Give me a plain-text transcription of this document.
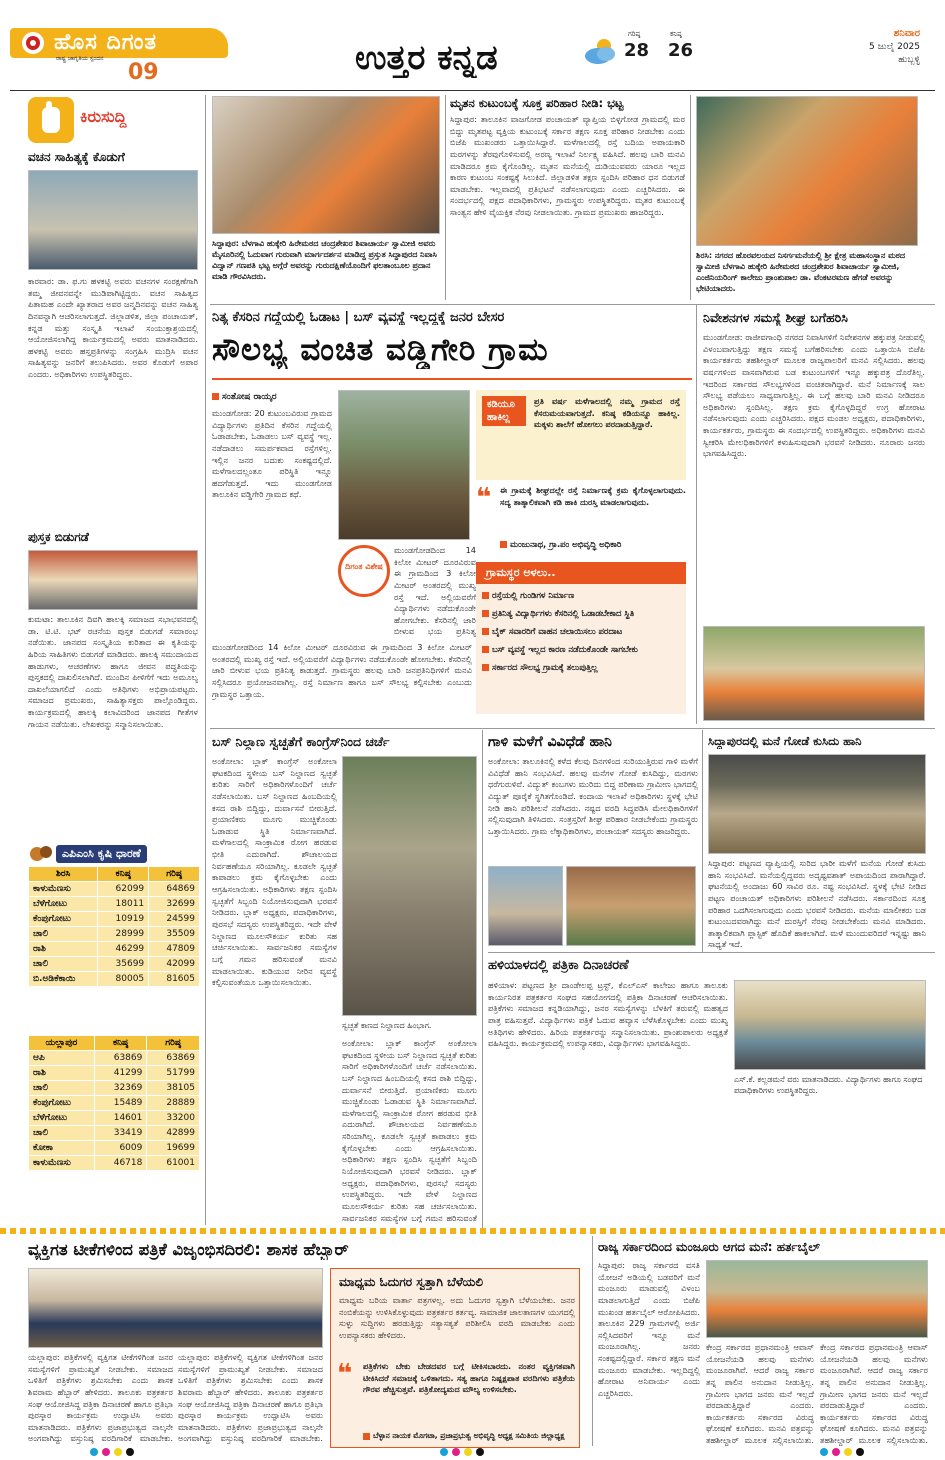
ಹೊಸ ದಿಗಂತ
ರಾಷ್ಟ್ರ ಜಾಗೃತಿಯ ಸ್ಪಂದನ
09	ಉತ್ತರ ಕನ್ನಡ
ಗರಿಷ್ಠ
28
ಕನಿಷ್ಠ
26
ಶನಿವಾರ
5 ಜುಲೈ 2025
ಹುಬ್ಬಳ್ಳಿ
ಕಿರುಸುದ್ದಿ
ವಚನ ಸಾಹಿತ್ಯಕ್ಕೆ ಕೊಡುಗೆ
ಕಾರವಾರ: ಡಾ. ಫ.ಗು ಹಳಕಟ್ಟಿ ಅವರು ವಚನಗಳ ಸಂರಕ್ಷಣೆಗಾಗಿ ತಮ್ಮ ಜೀವನವನ್ನೇ ಮುಡಿಪಾಗಿಟ್ಟಿದ್ದರು. ವಚನ ಸಾಹಿತ್ಯದ ಪಿತಾಮಹ ಎಂದೇ ಖ್ಯಾತರಾದ ಅವರ ಜನ್ಮದಿನವನ್ನು ವಚನ ಸಾಹಿತ್ಯ ದಿನವನ್ನಾಗಿ ಆಚರಿಸಲಾಗುತ್ತದೆ. ಜಿಲ್ಲಾಡಳಿತ, ಜಿಲ್ಲಾ ಪಂಚಾಯತ್, ಕನ್ನಡ ಮತ್ತು ಸಂಸ್ಕೃತಿ ಇಲಾಖೆ ಸಂಯುಕ್ತಾಶ್ರಯದಲ್ಲಿ ಆಯೋಜಿಸಲಾಗಿದ್ದ ಕಾರ್ಯಕ್ರಮದಲ್ಲಿ ಅವರು ಮಾತನಾಡಿದರು. ಹಳಕಟ್ಟಿ ಅವರು ಹಸ್ತಪ್ರತಿಗಳನ್ನು ಸಂಗ್ರಹಿಸಿ ಮುದ್ರಿಸಿ ವಚನ ಸಾಹಿತ್ಯವನ್ನು ಜನರಿಗೆ ತಲುಪಿಸಿದರು. ಅವರ ಕೊಡುಗೆ ಅಪಾರ ಎಂದರು. ಅಧಿಕಾರಿಗಳು ಉಪಸ್ಥಿತರಿದ್ದರು.
ಪುಸ್ತಕ ಬಿಡುಗಡೆ
ಕುಮಟಾ: ತಾಲೂಕಿನ ದಿವಗಿ ಹಾಲಕ್ಕಿ ಸಮಾಜದ ಸಭಾಭವನದಲ್ಲಿ ಡಾ. ಟಿ.ಟಿ. ಭಟ್ ರಚನೆಯ ಪುಸ್ತಕ ಬಿಡುಗಡೆ ಸಮಾರಂಭ ನಡೆಯಿತು. ಜಾನಪದ ಸಂಸ್ಕೃತಿಯ ಕುರಿತಾದ ಈ ಕೃತಿಯನ್ನು ಹಿರಿಯ ಸಾಹಿತಿಗಳು ಬಿಡುಗಡೆ ಮಾಡಿದರು. ಹಾಲಕ್ಕಿ ಸಮುದಾಯದ ಹಾಡುಗಳು, ಆಚರಣೆಗಳು ಹಾಗೂ ಜೀವನ ಪದ್ಧತಿಯನ್ನು ಪುಸ್ತಕದಲ್ಲಿ ದಾಖಲಿಸಲಾಗಿದೆ. ಮುಂದಿನ ಪೀಳಿಗೆಗೆ ಇದು ಅಮೂಲ್ಯ ದಾಖಲೆಯಾಗಲಿದೆ ಎಂದು ಅತಿಥಿಗಳು ಅಭಿಪ್ರಾಯಪಟ್ಟರು. ಸಮಾಜದ ಪ್ರಮುಖರು, ಸಾಹಿತ್ಯಾಸಕ್ತರು ಪಾಲ್ಗೊಂಡಿದ್ದರು. ಕಾರ್ಯಕ್ರಮದಲ್ಲಿ ಹಾಲಕ್ಕಿ ಕಲಾವಿದರಿಂದ ಜಾನಪದ ಗೀತೆಗಳ ಗಾಯನ ನಡೆಯಿತು. ಲೇಖಕರನ್ನು ಸನ್ಮಾನಿಸಲಾಯಿತು.
ಎಪಿಎಂಸಿ ಕೃಷಿ ಧಾರಣೆ
ಶಿರಸಿ	ಕನಿಷ್ಠ	ಗರಿಷ್ಠ
ಕಾಳುಮೆಣಸು	62099	64869
ಬೆಳೆಗೋಟು	18011	32699
ಕೆಂಪುಗೋಟು	10919	24599
ಚಾಲಿ	28999	35509
ರಾಶಿ	46299	47809
ಚಾಲಿ	35699	42099
ಬಿ.ಅಡಿಕೆಕಾಯಿ	80005	81605
ಯಲ್ಲಾಪುರ	ಕನಿಷ್ಠ	ಗರಿಷ್ಠ
ಆಪಿ	63869	63869
ರಾಶಿ	41299	51799
ಚಾಲಿ	32369	38105
ಕೆಂಪುಗೋಟು	15489	28889
ಬೆಳೆಗೋಟು	14601	33200
ಚಾಲಿ	33419	42899
ಕೋಕಾ	6009	19699
ಕಾಳುಮೆಣಸು	46718	61001
ಸಿದ್ದಾಪುರ: ಬೆಳಗಾವಿ ಹುಕ್ಕೇರಿ ಹಿರೇಮಠದ ಚಂದ್ರಶೇಖರ ಶಿವಾಚಾರ್ಯ ಸ್ವಾಮೀಜಿ ಅವರು ಮೈಸೂರಿನಲ್ಲಿ ಓದುವಾಗ ಗುರುವಾಗಿ ಮಾರ್ಗದರ್ಶನ ಮಾಡಿದ್ದ ಪ್ರಸ್ತುತ ಸಿದ್ದಾಪುರದ ನಿವಾಸಿ ವಿದ್ವಾನ್ ಗಣಪತಿ ಭಟ್ಟ ಅಗ್ಗೆರೆ ಅವರನ್ನು ಗುರುದಕ್ಷಿಣೆಯೊಂದಿಗೆ ಫಲತಾಂಬೂಲ ಪ್ರದಾನ ಮಾಡಿ ಗೌರವಿಸಿದರು.
ಮೃತನ ಕುಟುಂಬಕ್ಕೆ ಸೂಕ್ತ ಪರಿಹಾರ ನೀಡಿ: ಭಟ್ಟ
ಸಿದ್ದಾಪುರ: ತಾಲೂಕಿನ ವಾಜಗೋಡ ಪಂಚಾಯತ್ ವ್ಯಾಪ್ತಿಯ ಬಿಳ್ಳಗೋಡ ಗ್ರಾಮದಲ್ಲಿ ಮರ ಬಿದ್ದು ಮೃತಪಟ್ಟ ವ್ಯಕ್ತಿಯ ಕುಟುಂಬಕ್ಕೆ ಸರ್ಕಾರ ತಕ್ಷಣ ಸೂಕ್ತ ಪರಿಹಾರ ನೀಡಬೇಕು ಎಂದು ಬಿಜೆಪಿ ಮುಖಂಡರು ಒತ್ತಾಯಿಸಿದ್ದಾರೆ. ಮಳೆಗಾಲದಲ್ಲಿ ರಸ್ತೆ ಬದಿಯ ಅಪಾಯಕಾರಿ ಮರಗಳನ್ನು ತೆರವುಗೊಳಿಸುವಲ್ಲಿ ಅರಣ್ಯ ಇಲಾಖೆ ನಿರ್ಲಕ್ಷ್ಯ ವಹಿಸಿದೆ. ಹಲವು ಬಾರಿ ಮನವಿ ಮಾಡಿದರೂ ಕ್ರಮ ಕೈಗೊಂಡಿಲ್ಲ. ಮೃತನ ಮನೆಯಲ್ಲಿ ದುಡಿಯುವವರು ಯಾರೂ ಇಲ್ಲದ ಕಾರಣ ಕುಟುಂಬ ಸಂಕಷ್ಟಕ್ಕೆ ಸಿಲುಕಿದೆ. ಜಿಲ್ಲಾಡಳಿತ ತಕ್ಷಣ ಸ್ಪಂದಿಸಿ ಪರಿಹಾರ ಧನ ಬಿಡುಗಡೆ ಮಾಡಬೇಕು. ಇಲ್ಲವಾದಲ್ಲಿ ಪ್ರತಿಭಟನೆ ನಡೆಸಲಾಗುವುದು ಎಂದು ಎಚ್ಚರಿಸಿದರು. ಈ ಸಂದರ್ಭದಲ್ಲಿ ಪಕ್ಷದ ಪದಾಧಿಕಾರಿಗಳು, ಗ್ರಾಮಸ್ಥರು ಉಪಸ್ಥಿತರಿದ್ದರು. ಮೃತರ ಕುಟುಂಬಕ್ಕೆ ಸಾಂತ್ವನ ಹೇಳಿ ವೈಯಕ್ತಿಕ ನೆರವು ನೀಡಲಾಯಿತು. ಗ್ರಾಮದ ಪ್ರಮುಖರು ಹಾಜರಿದ್ದರು.
ಶಿರಸಿ: ನಗರದ ಹೊರವಲಯದ ನಿಸರ್ಗಮನೆಯಲ್ಲಿ ಶ್ರೀ ಕ್ಷೇತ್ರ ಮಹಾಸಂಸ್ಥಾನ ಮಠದ ಸ್ವಾಮೀಜಿ ಬೆಳಗಾವಿ ಹುಕ್ಕೇರಿ ಹಿರೇಮಠದ ಚಂದ್ರಶೇಖರ ಶಿವಾಚಾರ್ಯ ಸ್ವಾಮೀಜಿ, ಎಂಜಿನಿಯರಿಂಗ್ ಕಾಲೇಜು ಪ್ರಾಂಶುಪಾಲ ಡಾ. ವೆಂಕಟರಮಣ ಹೆಗಡೆ ಅವರನ್ನು ಭೇಟಿಯಾದರು.
ನಿತ್ಯ ಕೆಸರಿನ ಗದ್ದೆಯಲ್ಲಿ ಓಡಾಟ | ಬಸ್ ವ್ಯವಸ್ಥೆ ಇಲ್ಲದ್ದಕ್ಕೆ ಜನರ ಬೇಸರ
ಸೌಲಭ್ಯ ವಂಚಿತ ವಡ್ಡಿಗೇರಿ ಗ್ರಾಮ
ಸಂತೋಷ ರಾಯ್ಕರ
ಮುಂಡಗೋಡ: 20 ಕುಟುಂಬವಿರುವ ಗ್ರಾಮದ ವಿದ್ಯಾರ್ಥಿಗಳು ಪ್ರತಿದಿನ ಕೆಸರಿನ ಗದ್ದೆಯಲ್ಲಿ ಓಡಾಡಬೇಕು, ಓಡಾಡಲು ಬಸ್ ವ್ಯವಸ್ಥೆ ಇಲ್ಲ. ನಡೆದಾಡಲು ಸಮರ್ಪಕವಾದ ರಸ್ತೆಗಳಿಲ್ಲ. ಇಲ್ಲಿನ ಜನರ ಬದುಕು ಸಂಕಷ್ಟದಲ್ಲಿದೆ. ಮಳೆಗಾಲದಲ್ಲಂತೂ ಪರಿಸ್ಥಿತಿ ಇನ್ನೂ ಹದಗೆಡುತ್ತದೆ. ಇದು ಮುಂಡಗೋಡ ತಾಲೂಕಿನ ವಡ್ಡಿಗೇರಿ ಗ್ರಾಮದ ಕಥೆ.
ಕಡಿಯೂ ಹಾಕಿಲ್ಲ
ಪ್ರತಿ ವರ್ಷ ಮಳೆಗಾಲದಲ್ಲಿ ನಮ್ಮ ಗ್ರಾಮದ ರಸ್ತೆ ಕೆಸರುಮಯವಾಗುತ್ತದೆ. ಕನಿಷ್ಠ ಕಡಿಯನ್ನೂ ಹಾಕಿಲ್ಲ. ಮಕ್ಕಳು ಶಾಲೆಗೆ ಹೋಗಲು ಪರದಾಡುತ್ತಿದ್ದಾರೆ.
❝ ಈ ಗ್ರಾಮಕ್ಕೆ ಶೀಘ್ರದಲ್ಲೇ ರಸ್ತೆ ನಿರ್ಮಾಣಕ್ಕೆ ಕ್ರಮ ಕೈಗೊಳ್ಳಲಾಗುವುದು. ಸದ್ಯ ತಾತ್ಕಾಲಿಕವಾಗಿ ಕಡಿ ಹಾಕಿ ದುರಸ್ತಿ ಮಾಡಲಾಗುವುದು.
ಮಂಜುನಾಥ, ಗ್ರಾ.ಪಂ ಅಭಿವೃದ್ಧಿ ಅಧಿಕಾರಿ
ದಿಗಂತ ವಿಶೇಷ
ಮುಂಡಗೋಡದಿಂದ 14 ಕಿಲೋ ಮೀಟರ್ ದೂರವಿರುವ ಈ ಗ್ರಾಮದಿಂದ 3 ಕಿಲೋ ಮೀಟರ್ ಅಂತರದಲ್ಲಿ ಮುಖ್ಯ ರಸ್ತೆ ಇದೆ. ಅಲ್ಲಿಯವರೆಗೆ ವಿದ್ಯಾರ್ಥಿಗಳು ನಡೆದುಕೊಂಡೇ ಹೋಗಬೇಕು. ಕೆಸರಿನಲ್ಲಿ ಜಾರಿ ಬೀಳುವ ಭಯ ಪ್ರತಿನಿತ್ಯ
ಗ್ರಾಮಸ್ಥರ ಅಳಲು..
ರಸ್ತೆಯಲ್ಲಿ ಗುಂಡಿಗಳ ನಿರ್ಮಾಣ
ಪ್ರತಿನಿತ್ಯ ವಿದ್ಯಾರ್ಥಿಗಳು ಕೆಸರಿನಲ್ಲಿ ಓಡಾಡಬೇಕಾದ ಸ್ಥಿತಿ
ಬೈಕ್ ಸವಾರರಿಗೆ ವಾಹನ ಚಲಾಯಿಸಲು ಪರದಾಟ
ಬಸ್ ವ್ಯವಸ್ಥೆ ಇಲ್ಲದ ಕಾರಣ ನಡೆದುಕೊಂಡೇ ಸಾಗಬೇಕು
ಸರ್ಕಾರದ ಸೌಲಭ್ಯ ಗ್ರಾಮಕ್ಕೆ ತಲುಪುತ್ತಿಲ್ಲ
ಮುಂಡಗೋಡದಿಂದ 14 ಕಿಲೋ ಮೀಟರ್ ದೂರವಿರುವ ಈ ಗ್ರಾಮದಿಂದ 3 ಕಿಲೋ ಮೀಟರ್ ಅಂತರದಲ್ಲಿ ಮುಖ್ಯ ರಸ್ತೆ ಇದೆ. ಅಲ್ಲಿಯವರೆಗೆ ವಿದ್ಯಾರ್ಥಿಗಳು ನಡೆದುಕೊಂಡೇ ಹೋಗಬೇಕು. ಕೆಸರಿನಲ್ಲಿ ಜಾರಿ ಬೀಳುವ ಭಯ ಪ್ರತಿನಿತ್ಯ ಕಾಡುತ್ತದೆ. ಗ್ರಾಮಸ್ಥರು ಹಲವು ಬಾರಿ ಜನಪ್ರತಿನಿಧಿಗಳಿಗೆ ಮನವಿ ಸಲ್ಲಿಸಿದರೂ ಪ್ರಯೋಜನವಾಗಿಲ್ಲ. ರಸ್ತೆ ನಿರ್ಮಾಣ ಹಾಗೂ ಬಸ್ ಸೌಲಭ್ಯ ಕಲ್ಪಿಸಬೇಕು ಎಂಬುದು ಗ್ರಾಮಸ್ಥರ ಒತ್ತಾಯ.
ನಿವೇಶನಗಳ ಸಮಸ್ಯೆ ಶೀಘ್ರ ಬಗೆಹರಿಸಿ
ಮುಂಡಗೋಡ: ರಾಜೀವಗಾಂಧಿ ನಗರದ ನಿವಾಸಿಗಳಿಗೆ ನಿವೇಶನಗಳ ಹಕ್ಕುಪತ್ರ ನೀಡುವಲ್ಲಿ ವಿಳಂಬವಾಗುತ್ತಿದ್ದು ತಕ್ಷಣ ಸಮಸ್ಯೆ ಬಗೆಹರಿಸಬೇಕು ಎಂದು ಒತ್ತಾಯಿಸಿ ಬಿಜೆಪಿ ಕಾರ್ಯಕರ್ತರು ತಹಶೀಲ್ದಾರ್ ಮೂಲಕ ರಾಜ್ಯಪಾಲರಿಗೆ ಮನವಿ ಸಲ್ಲಿಸಿದರು. ಹಲವು ವರ್ಷಗಳಿಂದ ವಾಸವಾಗಿರುವ ಬಡ ಕುಟುಂಬಗಳಿಗೆ ಇನ್ನೂ ಹಕ್ಕುಪತ್ರ ದೊರೆತಿಲ್ಲ. ಇದರಿಂದ ಸರ್ಕಾರದ ಸೌಲಭ್ಯಗಳಿಂದ ವಂಚಿತರಾಗಿದ್ದಾರೆ. ಮನೆ ನಿರ್ಮಾಣಕ್ಕೆ ಸಾಲ ಸೌಲಭ್ಯ ಪಡೆಯಲು ಸಾಧ್ಯವಾಗುತ್ತಿಲ್ಲ. ಈ ಬಗ್ಗೆ ಹಲವು ಬಾರಿ ಮನವಿ ನೀಡಿದರೂ ಅಧಿಕಾರಿಗಳು ಸ್ಪಂದಿಸಿಲ್ಲ. ತಕ್ಷಣ ಕ್ರಮ ಕೈಗೊಳ್ಳದಿದ್ದರೆ ಉಗ್ರ ಹೋರಾಟ ನಡೆಸಲಾಗುವುದು ಎಂದು ಎಚ್ಚರಿಸಿದರು. ಪಕ್ಷದ ಮಂಡಲ ಅಧ್ಯಕ್ಷರು, ಪದಾಧಿಕಾರಿಗಳು, ಕಾರ್ಯಕರ್ತರು, ಗ್ರಾಮಸ್ಥರು ಈ ಸಂದರ್ಭದಲ್ಲಿ ಉಪಸ್ಥಿತರಿದ್ದರು. ಅಧಿಕಾರಿಗಳು ಮನವಿ ಸ್ವೀಕರಿಸಿ ಮೇಲಧಿಕಾರಿಗಳಿಗೆ ಕಳುಹಿಸುವುದಾಗಿ ಭರವಸೆ ನೀಡಿದರು. ನೂರಾರು ಜನರು ಭಾಗವಹಿಸಿದ್ದರು.
ಬಸ್ ನಿಲ್ದಾಣ ಸ್ವಚ್ಛತೆಗೆ ಕಾಂಗ್ರೆಸ್‌ನಿಂದ ಚರ್ಚೆ
ಅಂಕೋಲಾ: ಬ್ಲಾಕ್ ಕಾಂಗ್ರೆಸ್ ಅಂಕೋಲಾ ಘಟಕದಿಂದ ಸ್ಥಳೀಯ ಬಸ್ ನಿಲ್ದಾಣದ ಸ್ವಚ್ಛತೆ ಕುರಿತು ಸಾರಿಗೆ ಅಧಿಕಾರಿಗಳೊಂದಿಗೆ ಚರ್ಚೆ ನಡೆಸಲಾಯಿತು. ಬಸ್ ನಿಲ್ದಾಣದ ಹಿಂಬದಿಯಲ್ಲಿ ಕಸದ ರಾಶಿ ಬಿದ್ದಿದ್ದು, ದುರ್ವಾಸನೆ ಬೀರುತ್ತಿದೆ. ಪ್ರಯಾಣಿಕರು ಮೂಗು ಮುಚ್ಚಿಕೊಂಡು ಓಡಾಡುವ ಸ್ಥಿತಿ ನಿರ್ಮಾಣವಾಗಿದೆ. ಮಳೆಗಾಲದಲ್ಲಿ ಸಾಂಕ್ರಾಮಿಕ ರೋಗ ಹರಡುವ ಭೀತಿ ಎದುರಾಗಿದೆ. ಶೌಚಾಲಯದ ನಿರ್ವಹಣೆಯೂ ಸರಿಯಾಗಿಲ್ಲ. ಕೂಡಲೇ ಸ್ವಚ್ಛತೆ ಕಾಪಾಡಲು ಕ್ರಮ ಕೈಗೊಳ್ಳಬೇಕು ಎಂದು ಆಗ್ರಹಿಸಲಾಯಿತು. ಅಧಿಕಾರಿಗಳು ತಕ್ಷಣ ಸ್ಪಂದಿಸಿ ಸ್ವಚ್ಛತೆಗೆ ಸಿಬ್ಬಂದಿ ನಿಯೋಜಿಸುವುದಾಗಿ ಭರವಸೆ ನೀಡಿದರು. ಬ್ಲಾಕ್ ಅಧ್ಯಕ್ಷರು, ಪದಾಧಿಕಾರಿಗಳು, ಪುರಸಭೆ ಸದಸ್ಯರು ಉಪಸ್ಥಿತರಿದ್ದರು. ಇದೇ ವೇಳೆ ನಿಲ್ದಾಣದ ಮೂಲಸೌಕರ್ಯ ಕುರಿತು ಸಹ ಚರ್ಚಿಸಲಾಯಿತು. ಸಾರ್ವಜನಿಕರ ಸಮಸ್ಯೆಗಳ ಬಗ್ಗೆ ಗಮನ ಹರಿಸುವಂತೆ ಮನವಿ ಮಾಡಲಾಯಿತು. ಕುಡಿಯುವ ನೀರಿನ ವ್ಯವಸ್ಥೆ ಕಲ್ಪಿಸುವಂತೆಯೂ ಒತ್ತಾಯಿಸಲಾಯಿತು.
ಸ್ವಚ್ಛತೆ ಕಾಣದ ನಿಲ್ದಾಣದ ಹಿಂಭಾಗ.
ಅಂಕೋಲಾ: ಬ್ಲಾಕ್ ಕಾಂಗ್ರೆಸ್ ಅಂಕೋಲಾ ಘಟಕದಿಂದ ಸ್ಥಳೀಯ ಬಸ್ ನಿಲ್ದಾಣದ ಸ್ವಚ್ಛತೆ ಕುರಿತು ಸಾರಿಗೆ ಅಧಿಕಾರಿಗಳೊಂದಿಗೆ ಚರ್ಚೆ ನಡೆಸಲಾಯಿತು. ಬಸ್ ನಿಲ್ದಾಣದ ಹಿಂಬದಿಯಲ್ಲಿ ಕಸದ ರಾಶಿ ಬಿದ್ದಿದ್ದು, ದುರ್ವಾಸನೆ ಬೀರುತ್ತಿದೆ. ಪ್ರಯಾಣಿಕರು ಮೂಗು ಮುಚ್ಚಿಕೊಂಡು ಓಡಾಡುವ ಸ್ಥಿತಿ ನಿರ್ಮಾಣವಾಗಿದೆ. ಮಳೆಗಾಲದಲ್ಲಿ ಸಾಂಕ್ರಾಮಿಕ ರೋಗ ಹರಡುವ ಭೀತಿ ಎದುರಾಗಿದೆ. ಶೌಚಾಲಯದ ನಿರ್ವಹಣೆಯೂ ಸರಿಯಾಗಿಲ್ಲ. ಕೂಡಲೇ ಸ್ವಚ್ಛತೆ ಕಾಪಾಡಲು ಕ್ರಮ ಕೈಗೊಳ್ಳಬೇಕು ಎಂದು ಆಗ್ರಹಿಸಲಾಯಿತು. ಅಧಿಕಾರಿಗಳು ತಕ್ಷಣ ಸ್ಪಂದಿಸಿ ಸ್ವಚ್ಛತೆಗೆ ಸಿಬ್ಬಂದಿ ನಿಯೋಜಿಸುವುದಾಗಿ ಭರವಸೆ ನೀಡಿದರು. ಬ್ಲಾಕ್ ಅಧ್ಯಕ್ಷರು, ಪದಾಧಿಕಾರಿಗಳು, ಪುರಸಭೆ ಸದಸ್ಯರು ಉಪಸ್ಥಿತರಿದ್ದರು. ಇದೇ ವೇಳೆ ನಿಲ್ದಾಣದ ಮೂಲಸೌಕರ್ಯ ಕುರಿತು ಸಹ ಚರ್ಚಿಸಲಾಯಿತು. ಸಾರ್ವಜನಿಕರ ಸಮಸ್ಯೆಗಳ ಬಗ್ಗೆ ಗಮನ ಹರಿಸುವಂತೆ
ಗಾಳಿ ಮಳೆಗೆ ವಿವಿಧೆಡೆ ಹಾನಿ
ಅಂಕೋಲಾ: ತಾಲೂಕಿನಲ್ಲಿ ಕಳೆದ ಕೆಲವು ದಿನಗಳಿಂದ ಸುರಿಯುತ್ತಿರುವ ಗಾಳಿ ಮಳೆಗೆ ವಿವಿಧೆಡೆ ಹಾನಿ ಸಂಭವಿಸಿದೆ. ಹಲವು ಮನೆಗಳ ಗೋಡೆ ಕುಸಿದಿದ್ದು, ಮರಗಳು ಧರೆಗುರುಳಿವೆ. ವಿದ್ಯುತ್ ಕಂಬಗಳು ಮುರಿದು ಬಿದ್ದ ಪರಿಣಾಮ ಗ್ರಾಮೀಣ ಭಾಗದಲ್ಲಿ ವಿದ್ಯುತ್ ಪೂರೈಕೆ ಸ್ಥಗಿತಗೊಂಡಿದೆ. ಕಂದಾಯ ಇಲಾಖೆ ಅಧಿಕಾರಿಗಳು ಸ್ಥಳಕ್ಕೆ ಭೇಟಿ ನೀಡಿ ಹಾನಿ ಪರಿಶೀಲನೆ ನಡೆಸಿದರು. ನಷ್ಟದ ವರದಿ ಸಿದ್ಧಪಡಿಸಿ ಮೇಲಧಿಕಾರಿಗಳಿಗೆ ಸಲ್ಲಿಸುವುದಾಗಿ ತಿಳಿಸಿದರು. ಸಂತ್ರಸ್ತರಿಗೆ ಶೀಘ್ರ ಪರಿಹಾರ ನೀಡಬೇಕೆಂದು ಗ್ರಾಮಸ್ಥರು ಒತ್ತಾಯಿಸಿದರು. ಗ್ರಾಮ ಲೆಕ್ಕಾಧಿಕಾರಿಗಳು, ಪಂಚಾಯತ್ ಸದಸ್ಯರು ಹಾಜರಿದ್ದರು.
ಸಿದ್ದಾಪುರದಲ್ಲಿ ಮನೆ ಗೋಡೆ ಕುಸಿದು ಹಾನಿ
ಸಿದ್ದಾಪುರ: ಪಟ್ಟಣದ ವ್ಯಾಪ್ತಿಯಲ್ಲಿ ಸುರಿದ ಭಾರೀ ಮಳೆಗೆ ಮನೆಯ ಗೋಡೆ ಕುಸಿದು ಹಾನಿ ಸಂಭವಿಸಿದೆ. ಮನೆಯಲ್ಲಿದ್ದವರು ಅದೃಷ್ಟವಶಾತ್ ಅಪಾಯದಿಂದ ಪಾರಾಗಿದ್ದಾರೆ. ಘಟನೆಯಲ್ಲಿ ಅಂದಾಜು 60 ಸಾವಿರ ರೂ. ನಷ್ಟ ಸಂಭವಿಸಿದೆ. ಸ್ಥಳಕ್ಕೆ ಭೇಟಿ ನೀಡಿದ ಪಟ್ಟಣ ಪಂಚಾಯತ್ ಅಧಿಕಾರಿಗಳು ಪರಿಶೀಲನೆ ನಡೆಸಿದರು. ಸರ್ಕಾರದಿಂದ ಸೂಕ್ತ ಪರಿಹಾರ ಒದಗಿಸಲಾಗುವುದು ಎಂದು ಭರವಸೆ ನೀಡಿದರು. ಮನೆಯ ಮಾಲೀಕರು ಬಡ ಕುಟುಂಬದವರಾಗಿದ್ದು ಮನೆ ದುರಸ್ತಿಗೆ ನೆರವು ನೀಡಬೇಕೆಂದು ಮನವಿ ಮಾಡಿದರು. ತಾತ್ಕಾಲಿಕವಾಗಿ ಪ್ಲಾಸ್ಟಿಕ್ ಹೊದಿಕೆ ಹಾಕಲಾಗಿದೆ. ಮಳೆ ಮುಂದುವರಿದರೆ ಇನ್ನಷ್ಟು ಹಾನಿ ಸಾಧ್ಯತೆ ಇದೆ.
ಹಳಿಯಾಳದಲ್ಲಿ ಪತ್ರಿಕಾ ದಿನಾಚರಣೆ
ಹಳಿಯಾಳ: ಪಟ್ಟಣದ ಶ್ರೀ ದಾಂಡೇಲಪ್ಪ ಟ್ರಸ್ಟ್, ಕೆಎಲ್‌ಎಸ್ ಕಾಲೇಜು ಹಾಗೂ ತಾಲೂಕು ಕಾರ್ಯನಿರತ ಪತ್ರಕರ್ತರ ಸಂಘದ ಸಹಯೋಗದಲ್ಲಿ ಪತ್ರಿಕಾ ದಿನಾಚರಣೆ ಆಚರಿಸಲಾಯಿತು. ಪತ್ರಿಕೆಗಳು ಸಮಾಜದ ಕನ್ನಡಿಯಾಗಿದ್ದು, ಜನರ ಸಮಸ್ಯೆಗಳನ್ನು ಬೆಳಕಿಗೆ ತರುವಲ್ಲಿ ಮಹತ್ವದ ಪಾತ್ರ ವಹಿಸುತ್ತವೆ. ವಿದ್ಯಾರ್ಥಿಗಳು ಪತ್ರಿಕೆ ಓದುವ ಹವ್ಯಾಸ ಬೆಳೆಸಿಕೊಳ್ಳಬೇಕು ಎಂದು ಮುಖ್ಯ ಅತಿಥಿಗಳು ಹೇಳಿದರು. ಹಿರಿಯ ಪತ್ರಕರ್ತರನ್ನು ಸನ್ಮಾನಿಸಲಾಯಿತು. ಪ್ರಾಂಶುಪಾಲರು ಅಧ್ಯಕ್ಷತೆ ವಹಿಸಿದ್ದರು. ಕಾರ್ಯಕ್ರಮದಲ್ಲಿ ಉಪನ್ಯಾಸಕರು, ವಿದ್ಯಾರ್ಥಿಗಳು ಭಾಗವಹಿಸಿದ್ದರು.
ಎಸ್.ಕೆ. ಕಲ್ಲಡಮನೆ ವರು ಮಾತನಾಡಿದರು. ವಿದ್ಯಾರ್ಥಿಗಳು ಹಾಗೂ ಸಂಘದ ಪದಾಧಿಕಾರಿಗಳು ಉಪಸ್ಥಿತರಿದ್ದರು.
ವ್ಯಕ್ತಿಗತ ಟೀಕೆಗಳಿಂದ ಪತ್ರಿಕೆ ವಿಜೃಂಭಿಸದಿರಲಿ: ಶಾಸಕ ಹೆಬ್ಬಾರ್
ಯಲ್ಲಾಪುರ: ಪತ್ರಿಕೆಗಳಲ್ಲಿ ವ್ಯಕ್ತಿಗತ ಟೀಕೆಗಳಿಗಿಂತ ಜನರ ಸಮಸ್ಯೆಗಳಿಗೆ ಪ್ರಾಮುಖ್ಯತೆ ನೀಡಬೇಕು. ಸಮಾಜದ ಒಳಿತಿಗೆ ಪತ್ರಿಕೆಗಳು ಶ್ರಮಿಸಬೇಕು ಎಂದು ಶಾಸಕ ಶಿವರಾಮ ಹೆಬ್ಬಾರ್ ಹೇಳಿದರು. ತಾಲೂಕು ಪತ್ರಕರ್ತರ ಸಂಘ ಆಯೋಜಿಸಿದ್ದ ಪತ್ರಿಕಾ ದಿನಾಚರಣೆ ಹಾಗೂ ಪ್ರತಿಭಾ ಪುರಸ್ಕಾರ ಕಾರ್ಯಕ್ರಮ ಉದ್ಘಾಟಿಸಿ ಅವರು ಮಾತನಾಡಿದರು. ಪತ್ರಿಕೆಗಳು ಪ್ರಜಾಪ್ರಭುತ್ವದ ನಾಲ್ಕನೇ ಅಂಗವಾಗಿದ್ದು ವಸ್ತುನಿಷ್ಠ ವರದಿಗಾರಿಕೆ ಮಾಡಬೇಕು.
ಯಲ್ಲಾಪುರ: ಪತ್ರಿಕೆಗಳಲ್ಲಿ ವ್ಯಕ್ತಿಗತ ಟೀಕೆಗಳಿಗಿಂತ ಜನರ ಸಮಸ್ಯೆಗಳಿಗೆ ಪ್ರಾಮುಖ್ಯತೆ ನೀಡಬೇಕು. ಸಮಾಜದ ಒಳಿತಿಗೆ ಪತ್ರಿಕೆಗಳು ಶ್ರಮಿಸಬೇಕು ಎಂದು ಶಾಸಕ ಶಿವರಾಮ ಹೆಬ್ಬಾರ್ ಹೇಳಿದರು. ತಾಲೂಕು ಪತ್ರಕರ್ತರ ಸಂಘ ಆಯೋಜಿಸಿದ್ದ ಪತ್ರಿಕಾ ದಿನಾಚರಣೆ ಹಾಗೂ ಪ್ರತಿಭಾ ಪುರಸ್ಕಾರ ಕಾರ್ಯಕ್ರಮ ಉದ್ಘಾಟಿಸಿ ಅವರು ಮಾತನಾಡಿದರು. ಪತ್ರಿಕೆಗಳು ಪ್ರಜಾಪ್ರಭುತ್ವದ ನಾಲ್ಕನೇ ಅಂಗವಾಗಿದ್ದು ವಸ್ತುನಿಷ್ಠ ವರದಿಗಾರಿಕೆ ಮಾಡಬೇಕು.
ಮಾಧ್ಯಮ ಓದುಗರ ಸ್ವತ್ತಾಗಿ ಬೆಳೆಯಲಿ
ಮಾಧ್ಯಮ ಬರಿಯ ವಾರ್ತಾ ಪತ್ರಗಳಲ್ಲ. ಅದು ಓದುಗರ ಸ್ವತ್ತಾಗಿ ಬೆಳೆಯಬೇಕು. ಜನರ ನಂಬಿಕೆಯನ್ನು ಉಳಿಸಿಕೊಳ್ಳುವುದು ಪತ್ರಕರ್ತರ ಕರ್ತವ್ಯ. ಸಾಮಾಜಿಕ ಜಾಲತಾಣಗಳ ಯುಗದಲ್ಲಿ ಸುಳ್ಳು ಸುದ್ದಿಗಳು ಹರಡುತ್ತಿದ್ದು ಸತ್ಯಾಸತ್ಯತೆ ಪರಿಶೀಲಿಸಿ ವರದಿ ಮಾಡಬೇಕು ಎಂದು ಉಪನ್ಯಾಸಕರು ಹೇಳಿದರು.
❝ ಪತ್ರಿಕೆಗಳು ಬೇಕು ಬೇಡದವರ ಬಗ್ಗೆ ಟೀಕಿಸಬಾರದು. ನಂತರ ವ್ಯಕ್ತಿಗತವಾಗಿ ಟೀಕಿಸಿದರೆ ಸಮಾಜಕ್ಕೆ ಒಳಿತಾಗದು. ಸತ್ಯ ಹಾಗೂ ನಿಷ್ಪಕ್ಷಪಾತ ವರದಿಗಳು ಪತ್ರಿಕೆಯ ಗೌರವ ಹೆಚ್ಚಿಸುತ್ತವೆ. ಪತ್ರಿಕೋದ್ಯಮದ ಮೌಲ್ಯ ಉಳಿಸಬೇಕು.
ಬೆಳ್ಳಾನ ನಾಯಕ ಮೊಗಟಾ, ಪ್ರಜಾಪ್ರಭುತ್ವ ಅಭಿವೃದ್ಧಿ ಅಧ್ಯಕ್ಷ ಸಮಿತಿಯ ಜಿಲ್ಲಾಧ್ಯಕ್ಷ
ರಾಜ್ಯ ಸರ್ಕಾರದಿಂದ ಮಂಜೂರು ಆಗದ ಮನೆ: ಹರ್ತಬೈಲ್
ಸಿದ್ದಾಪುರ: ರಾಜ್ಯ ಸರ್ಕಾರದ ವಸತಿ ಯೋಜನೆ ಅಡಿಯಲ್ಲಿ ಬಡವರಿಗೆ ಮನೆ ಮಂಜೂರು ಮಾಡುವಲ್ಲಿ ವಿಳಂಬ ಮಾಡಲಾಗುತ್ತಿದೆ ಎಂದು ಬಿಜೆಪಿ ಮುಖಂಡ ಹರ್ತಬೈಲ್ ಆರೋಪಿಸಿದರು. ತಾಲೂಕಿನ 229 ಗ್ರಾಮಗಳಲ್ಲಿ ಅರ್ಜಿ ಸಲ್ಲಿಸಿದವರಿಗೆ ಇನ್ನೂ ಮನೆ ಮಂಜೂರಾಗಿಲ್ಲ. ಜನರು ಸಂಕಷ್ಟದಲ್ಲಿದ್ದಾರೆ. ಸರ್ಕಾರ ತಕ್ಷಣ ಮನೆ ಮಂಜೂರು ಮಾಡಬೇಕು. ಇಲ್ಲದಿದ್ದಲ್ಲಿ ಹೋರಾಟ ಅನಿವಾರ್ಯ ಎಂದು ಎಚ್ಚರಿಸಿದರು.
ಕೇಂದ್ರ ಸರ್ಕಾರದ ಪ್ರಧಾನಮಂತ್ರಿ ಆವಾಸ್ ಯೋಜನೆಯಡಿ ಹಲವು ಮನೆಗಳು ಮಂಜೂರಾಗಿವೆ. ಆದರೆ ರಾಜ್ಯ ಸರ್ಕಾರ ತನ್ನ ಪಾಲಿನ ಅನುದಾನ ನೀಡುತ್ತಿಲ್ಲ. ಗ್ರಾಮೀಣ ಭಾಗದ ಜನರು ಮನೆ ಇಲ್ಲದೆ ಪರದಾಡುತ್ತಿದ್ದಾರೆ ಎಂದರು. ಕಾರ್ಯಕರ್ತರು ಸರ್ಕಾರದ ವಿರುದ್ಧ ಘೋಷಣೆ ಕೂಗಿದರು. ಮನವಿ ಪತ್ರವನ್ನು ತಹಶೀಲ್ದಾರ್ ಮೂಲಕ ಸಲ್ಲಿಸಲಾಯಿತು.
ಕೇಂದ್ರ ಸರ್ಕಾರದ ಪ್ರಧಾನಮಂತ್ರಿ ಆವಾಸ್ ಯೋಜನೆಯಡಿ ಹಲವು ಮನೆಗಳು ಮಂಜೂರಾಗಿವೆ. ಆದರೆ ರಾಜ್ಯ ಸರ್ಕಾರ ತನ್ನ ಪಾಲಿನ ಅನುದಾನ ನೀಡುತ್ತಿಲ್ಲ. ಗ್ರಾಮೀಣ ಭಾಗದ ಜನರು ಮನೆ ಇಲ್ಲದೆ ಪರದಾಡುತ್ತಿದ್ದಾರೆ ಎಂದರು. ಕಾರ್ಯಕರ್ತರು ಸರ್ಕಾರದ ವಿರುದ್ಧ ಘೋಷಣೆ ಕೂಗಿದರು. ಮನವಿ ಪತ್ರವನ್ನು ತಹಶೀಲ್ದಾರ್ ಮೂಲಕ ಸಲ್ಲಿಸಲಾಯಿತು.
